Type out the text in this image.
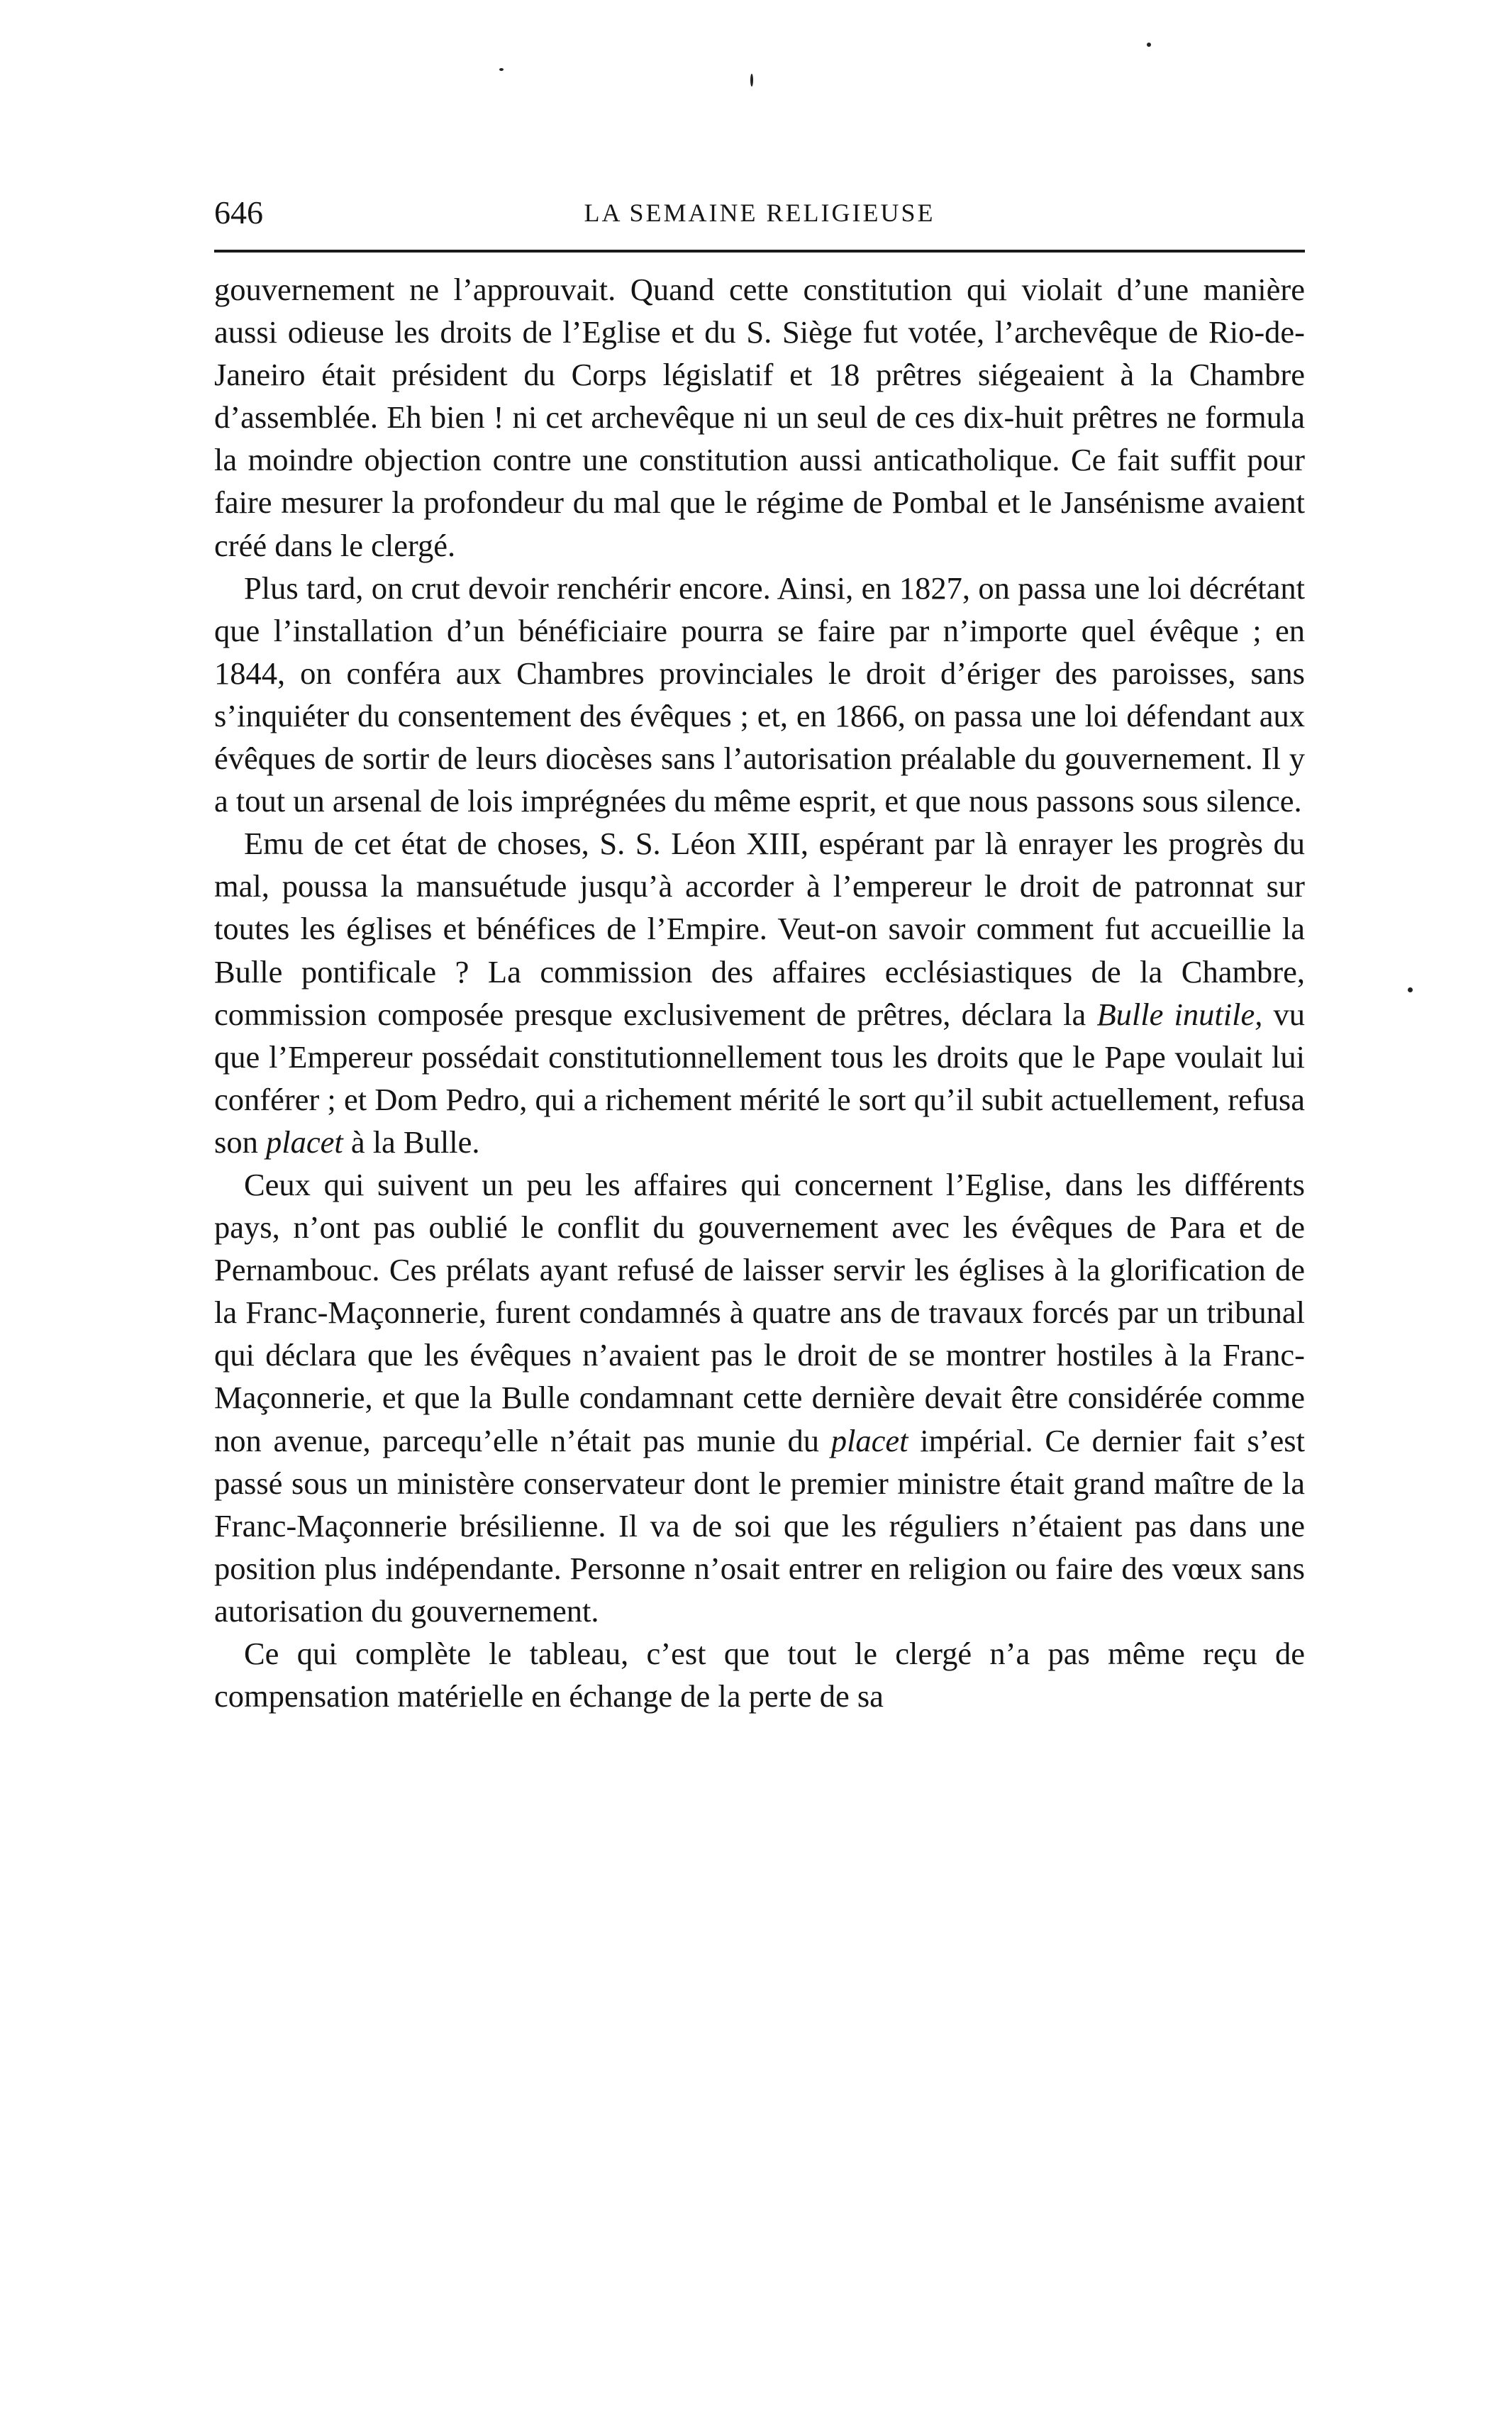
646	LA SEMAINE RELIGIEUSE

gouvernement ne l’approuvait. Quand cette constitution qui violait d’une manière aussi odieuse les droits de l’Eglise et du S. Siège fut votée, l’archevêque de Rio-de-Janeiro était président du Corps législatif et 18 prêtres siégeaient à la Chambre d’assemblée. Eh bien ! ni cet archevêque ni un seul de ces dix-huit prêtres ne formula la moindre objection contre une constitution aussi anticatholique. Ce fait suffit pour faire mesurer la profondeur du mal que le régime de Pombal et le Jansénisme avaient créé dans le clergé.

Plus tard, on crut devoir renchérir encore. Ainsi, en 1827, on passa une loi décrétant que l’installation d’un bénéficiaire pourra se faire par n’importe quel évêque ; en 1844, on conféra aux Chambres provinciales le droit d’ériger des paroisses, sans s’inquiéter du consentement des évêques ; et, en 1866, on passa une loi défendant aux évêques de sortir de leurs diocèses sans l’autorisation préalable du gouvernement. Il y a tout un arsenal de lois imprégnées du même esprit, et que nous passons sous silence.

Emu de cet état de choses, S. S. Léon XIII, espérant par là enrayer les progrès du mal, poussa la mansuétude jusqu’à accorder à l’empereur le droit de patronnat sur toutes les églises et bénéfices de l’Empire. Veut-on savoir comment fut accueillie la Bulle pontificale ? La commission des affaires ecclésiastiques de la Chambre, commission composée presque exclusivement de prêtres, déclara la Bulle inutile, vu que l’Empereur possédait constitutionnellement tous les droits que le Pape voulait lui conférer ; et Dom Pedro, qui a richement mérité le sort qu’il subit actuellement, refusa son placet à la Bulle.

Ceux qui suivent un peu les affaires qui concernent l’Eglise, dans les différents pays, n’ont pas oublié le conflit du gouvernement avec les évêques de Para et de Pernambouc. Ces prélats ayant refusé de laisser servir les églises à la glorification de la Franc-Maçonnerie, furent condamnés à quatre ans de travaux forcés par un tribunal qui déclara que les évêques n’avaient pas le droit de se montrer hostiles à la Franc-Maçonnerie, et que la Bulle condamnant cette dernière devait être considérée comme non avenue, parcequ’elle n’était pas munie du placet impérial. Ce dernier fait s’est passé sous un ministère conservateur dont le premier ministre était grand maître de la Franc-Maçonnerie brésilienne. Il va de soi que les réguliers n’étaient pas dans une position plus indépendante. Personne n’osait entrer en religion ou faire des vœux sans autorisation du gouvernement.

Ce qui complète le tableau, c’est que tout le clergé n’a pas même reçu de compensation matérielle en échange de la perte de sa
